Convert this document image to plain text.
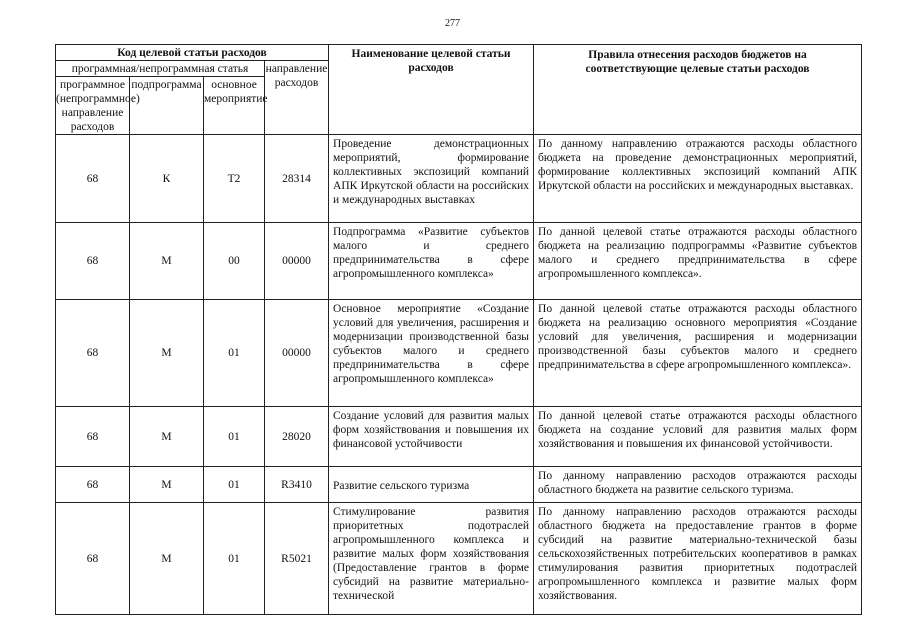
277
Код целевой статьи расходов				Наименование целевой статьи расходов	Правила отнесения расходов бюджетов на соответствующие целевые статьи расходов
программная/непрограммная статья			направление расходов		
программное (непрограммное) направление расходов	подпрограмма	основное мероприятие			
68	К	Т2	28314	Проведение демонстрационных мероприятий, формирование коллективных экспозиций компаний АПК Иркутской области на российских и международных выставках	По данному направлению отражаются расходы областного бюджета на проведение демонстрационных мероприятий, формирование коллективных экспозиций компаний АПК Иркутской области на российских и международных выставках.
68	М	00	00000	Подпрограмма «Развитие субъектов малого и среднего предпринимательства в сфере агропромышленного комплекса»	По данной целевой статье отражаются расходы областного бюджета на реализацию подпрограммы «Развитие субъектов малого и среднего предпринимательства в сфере агропромышленного комплекса».
68	М	01	00000	Основное мероприятие «Создание условий для увеличения, расширения и модернизации производственной базы субъектов малого и среднего предпринимательства в сфере агропромышленного комплекса»	По данной целевой статье отражаются расходы областного бюджета на реализацию основного мероприятия «Создание условий для увеличения, расширения и модернизации производственной базы субъектов малого и среднего предпринимательства в сфере агропромышленного комплекса».
68	М	01	28020	Создание условий для развития малых форм хозяйствования и повышения их финансовой устойчивости	По данной целевой статье отражаются расходы областного бюджета на создание условий для развития малых форм хозяйствования и повышения их финансовой устойчивости.
68	М	01	R3410	Развитие сельского туризма	По данному направлению расходов отражаются расходы областного бюджета на развитие сельского туризма.
68	М	01	R5021	Стимулирование развития приоритетных подотраслей агропромышленного комплекса и развитие малых форм хозяйствования (Предоставление грантов в форме субсидий на развитие материально-технической	По данному направлению расходов отражаются расходы областного бюджета на предоставление грантов в форме субсидий на развитие материально-технической базы сельскохозяйственных потребительских кооперативов в рамках стимулирования развития приоритетных подотраслей агропромышленного комплекса и развитие малых форм хозяйствования.
